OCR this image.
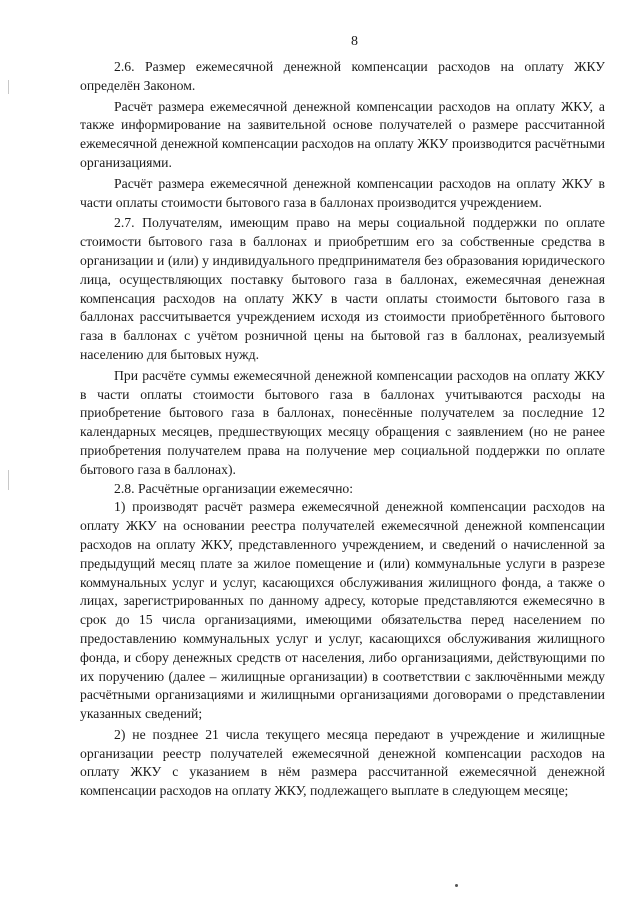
8

2.6. Размер ежемесячной денежной компенсации расходов на оплату ЖКУ определён Законом.

Расчёт размера ежемесячной денежной компенсации расходов на оплату ЖКУ, а также информирование на заявительной основе получателей о размере рассчитанной ежемесячной денежной компенсации расходов на оплату ЖКУ производится расчётными организациями.

Расчёт размера ежемесячной денежной компенсации расходов на оплату ЖКУ в части оплаты стоимости бытового газа в баллонах производится учреждением.

2.7. Получателям, имеющим право на меры социальной поддержки по оплате стоимости бытового газа в баллонах и приобретшим его за собственные средства в организации и (или) у индивидуального предпринимателя без образования юридического лица, осуществляющих поставку бытового газа в баллонах, ежемесячная денежная компенсация расходов на оплату ЖКУ в части оплаты стоимости бытового газа в баллонах рассчитывается учреждением исходя из стоимости приобретённого бытового газа в баллонах с учётом розничной цены на бытовой газ в баллонах, реализуемый населению для бытовых нужд.

При расчёте суммы ежемесячной денежной компенсации расходов на оплату ЖКУ в части оплаты стоимости бытового газа в баллонах учитываются расходы на приобретение бытового газа в баллонах, понесённые получателем за последние 12 календарных месяцев, предшествующих месяцу обращения с заявлением (но не ранее приобретения получателем права на получение мер социальной поддержки по оплате бытового газа в баллонах).

2.8. Расчётные организации ежемесячно:

1) производят расчёт размера ежемесячной денежной компенсации расходов на оплату ЖКУ на основании реестра получателей ежемесячной денежной компенсации расходов на оплату ЖКУ, представленного учреждением, и сведений о начисленной за предыдущий месяц плате за жилое помещение и (или) коммунальные услуги в разрезе коммунальных услуг и услуг, касающихся обслуживания жилищного фонда, а также о лицах, зарегистрированных по данному адресу, которые представляются ежемесячно в срок до 15 числа организациями, имеющими обязательства перед населением по предоставлению коммунальных услуг и услуг, касающихся обслуживания жилищного фонда, и сбору денежных средств от населения, либо организациями, действующими по их поручению (далее – жилищные организации) в соответствии с заключёнными между расчётными организациями и жилищными организациями договорами о представлении указанных сведений;

2) не позднее 21 числа текущего месяца передают в учреждение и жилищные организации реестр получателей ежемесячной денежной компенсации расходов на оплату ЖКУ с указанием в нём размера рассчитанной ежемесячной денежной компенсации расходов на оплату ЖКУ, подлежащего выплате в следующем месяце;
